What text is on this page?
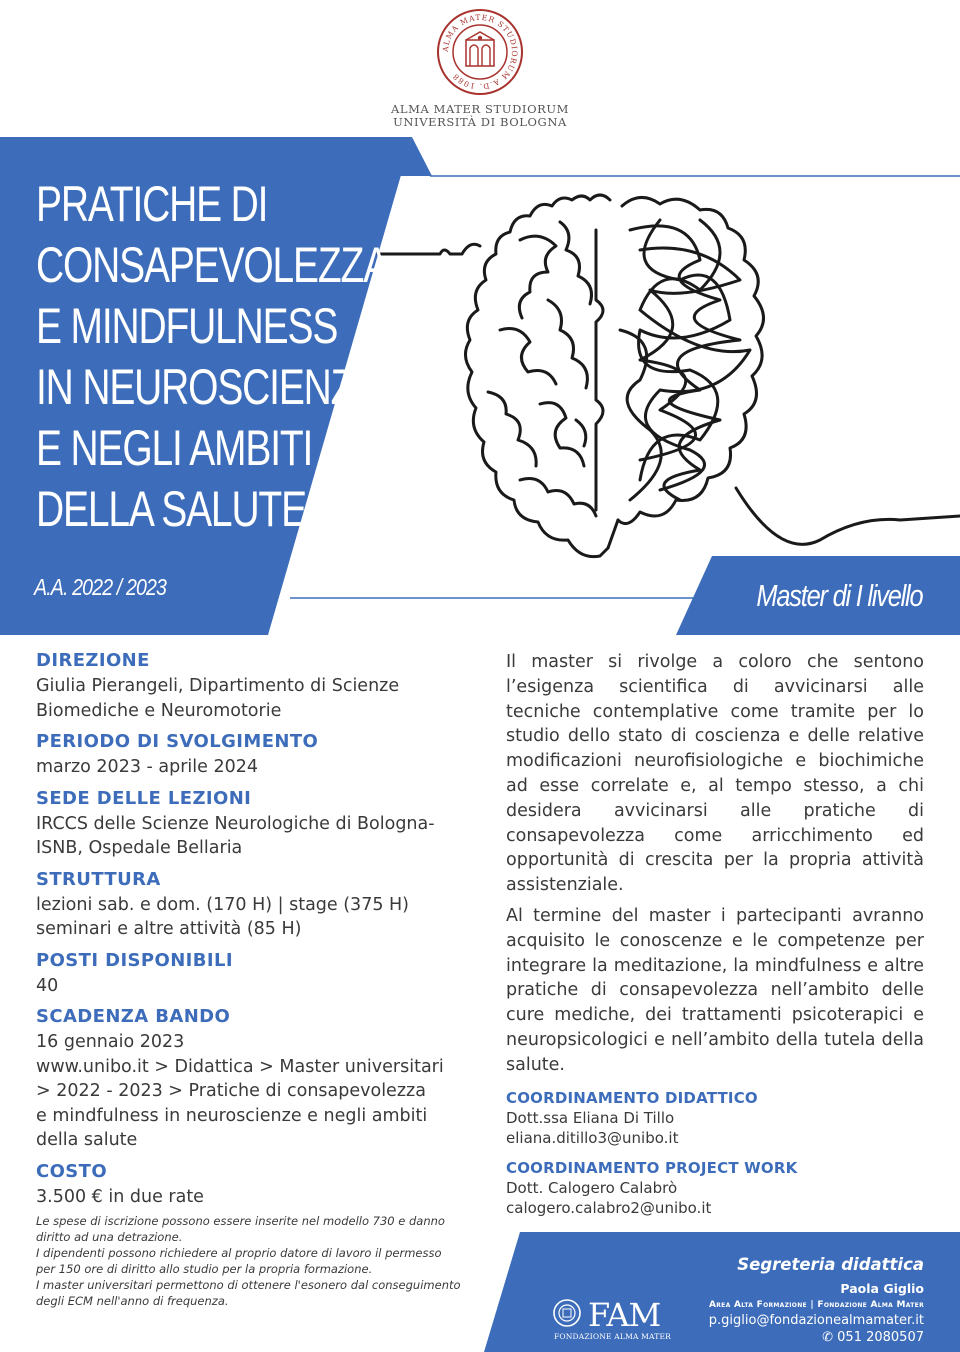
ALMA MATER STUDIORUM A.D. 1088
ALMA MATER STUDIORUM
UNIVERSITÀ DI BOLOGNA
PRATICHE DI
CONSAPEVOLEZZA
E MINDFULNESS
IN NEUROSCIENZE
E NEGLI AMBITI
DELLA SALUTE
A.A. 2022 / 2023	Master di I livello
DIREZIONE
Giulia Pierangeli, Dipartimento di Scienze
Biomediche e Neuromotorie
PERIODO DI SVOLGIMENTO
marzo 2023 - aprile 2024
SEDE DELLE LEZIONI
IRCCS delle Scienze Neurologiche di Bologna-
ISNB, Ospedale Bellaria
STRUTTURA
lezioni sab. e dom. (170 H) | stage (375 H)
seminari e altre attività (85 H)
POSTI DISPONIBILI
40
SCADENZA BANDO
16 gennaio 2023
www.unibo.it > Didattica > Master universitari
> 2022 - 2023 > Pratiche di consapevolezza
e mindfulness in neuroscienze e negli ambiti
della salute
COSTO
3.500 € in due rate
Le spese di iscrizione possono essere inserite nel modello 730 e danno
diritto ad una detrazione.
I dipendenti possono richiedere al proprio datore di lavoro il permesso
per 150 ore di diritto allo studio per la propria formazione.
I master universitari permettono di ottenere l'esonero dal conseguimento
degli ECM nell'anno di frequenza.

Il master si rivolge a coloro che sentono l’esigenza scientifica di avvicinarsi alle tecniche contemplative come tramite per lo studio dello stato di coscienza e delle relative modificazioni neurofisiologiche e biochimiche ad esse correlate e, al tempo stesso, a chi desidera avvicinarsi alle pratiche di consapevolezza come arricchimento ed opportunità di crescita per la propria attività assistenziale.

Al termine del master i partecipanti avranno acquisito le conoscenze e le competenze per integrare la meditazione, la mindfulness e altre pratiche di consapevolezza nell’ambito delle cure mediche, dei trattamenti psicoterapici e neuropsicologici e nell’ambito della tutela della salute.

COORDINAMENTO DIDATTICO
Dott.ssa Eliana Di Tillo
eliana.ditillo3@unibo.it
COORDINAMENTO PROJECT WORK
Dott. Calogero Calabrò
calogero.calabro2@unibo.it
FAM
FONDAZIONE ALMA MATER
Segreteria didattica
Paola Giglio
Area Alta Formazione | Fondazione Alma Mater
p.giglio@fondazionealmamater.it
✆ 051 2080507
